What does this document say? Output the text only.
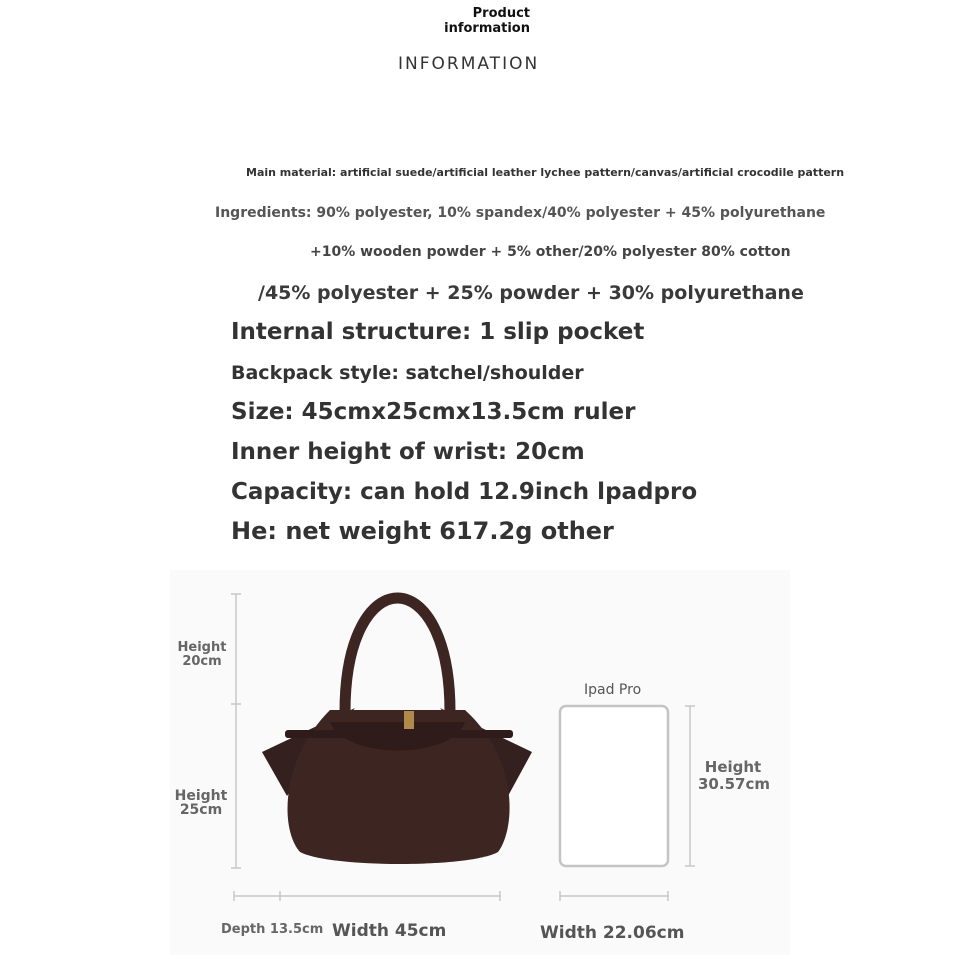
Product information
INFORMATION
Main material: artificial suede/artificial leather lychee pattern/canvas/artificial crocodile pattern
Ingredients: 90% polyester, 10% spandex/40% polyester + 45% polyurethane
+10% wooden powder + 5% other/20% polyester 80% cotton
/45% polyester + 25% powder + 30% polyurethane
Internal structure: 1 slip pocket
Backpack style: satchel/shoulder
Size: 45cmx25cmx13.5cm ruler
Inner height of wrist: 20cm
Capacity: can hold 12.9inch lpadpro
He: net weight 617.2g other
Height 20cm
Height 25cm
Depth 13.5cm Width 45cm
Ipad Pro
Height 30.57cm
Width 22.06cm
